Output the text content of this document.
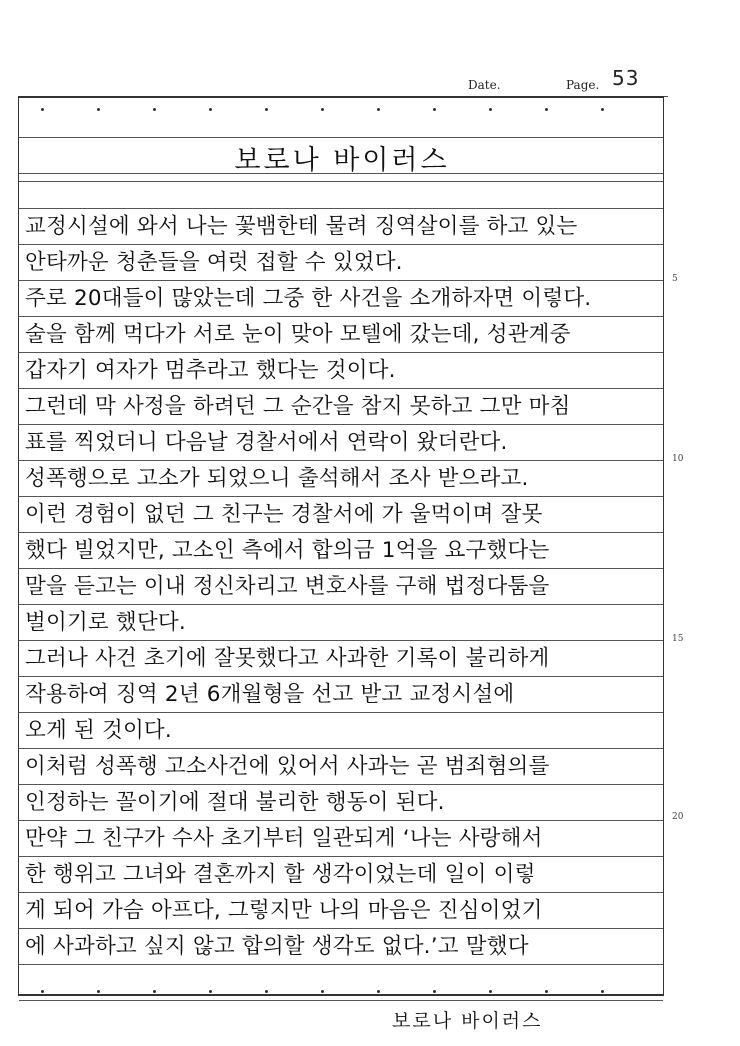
Date.	Page. 53
보로나 바이러스
교정시설에 와서 나는 꽃뱀한테 물려 징역살이를 하고 있는
안타까운 청춘들을 여럿 접할 수 있었다.
주로 20대들이 많았는데 그중 한 사건을 소개하자면 이렇다.
술을 함께 먹다가 서로 눈이 맞아 모텔에 갔는데, 성관계중
갑자기 여자가 멈추라고 했다는 것이다.
그런데 막 사정을 하려던 그 순간을 참지 못하고 그만 마침
표를 찍었더니 다음날 경찰서에서 연락이 왔더란다.
성폭행으로 고소가 되었으니 출석해서 조사 받으라고.
이런 경험이 없던 그 친구는 경찰서에 가 울먹이며 잘못
했다 빌었지만, 고소인 측에서 합의금 1억을 요구했다는
말을 듣고는 이내 정신차리고 변호사를 구해 법정다툼을
벌이기로 했단다.
그러나 사건 초기에 잘못했다고 사과한 기록이 불리하게
작용하여 징역 2년 6개월형을 선고 받고 교정시설에
오게 된 것이다.
이처럼 성폭행 고소사건에 있어서 사과는 곧 범죄혐의를
인정하는 꼴이기에 절대 불리한 행동이 된다.
만약 그 친구가 수사 초기부터 일관되게 ‘나는 사랑해서
한 행위고 그녀와 결혼까지 할 생각이었는데 일이 이렇
게 되어 가슴 아프다, 그렇지만 나의 마음은 진심이었기
에 사과하고 싶지 않고 합의할 생각도 없다.’고 말했다
5
10
15
20
보로나 바이러스
